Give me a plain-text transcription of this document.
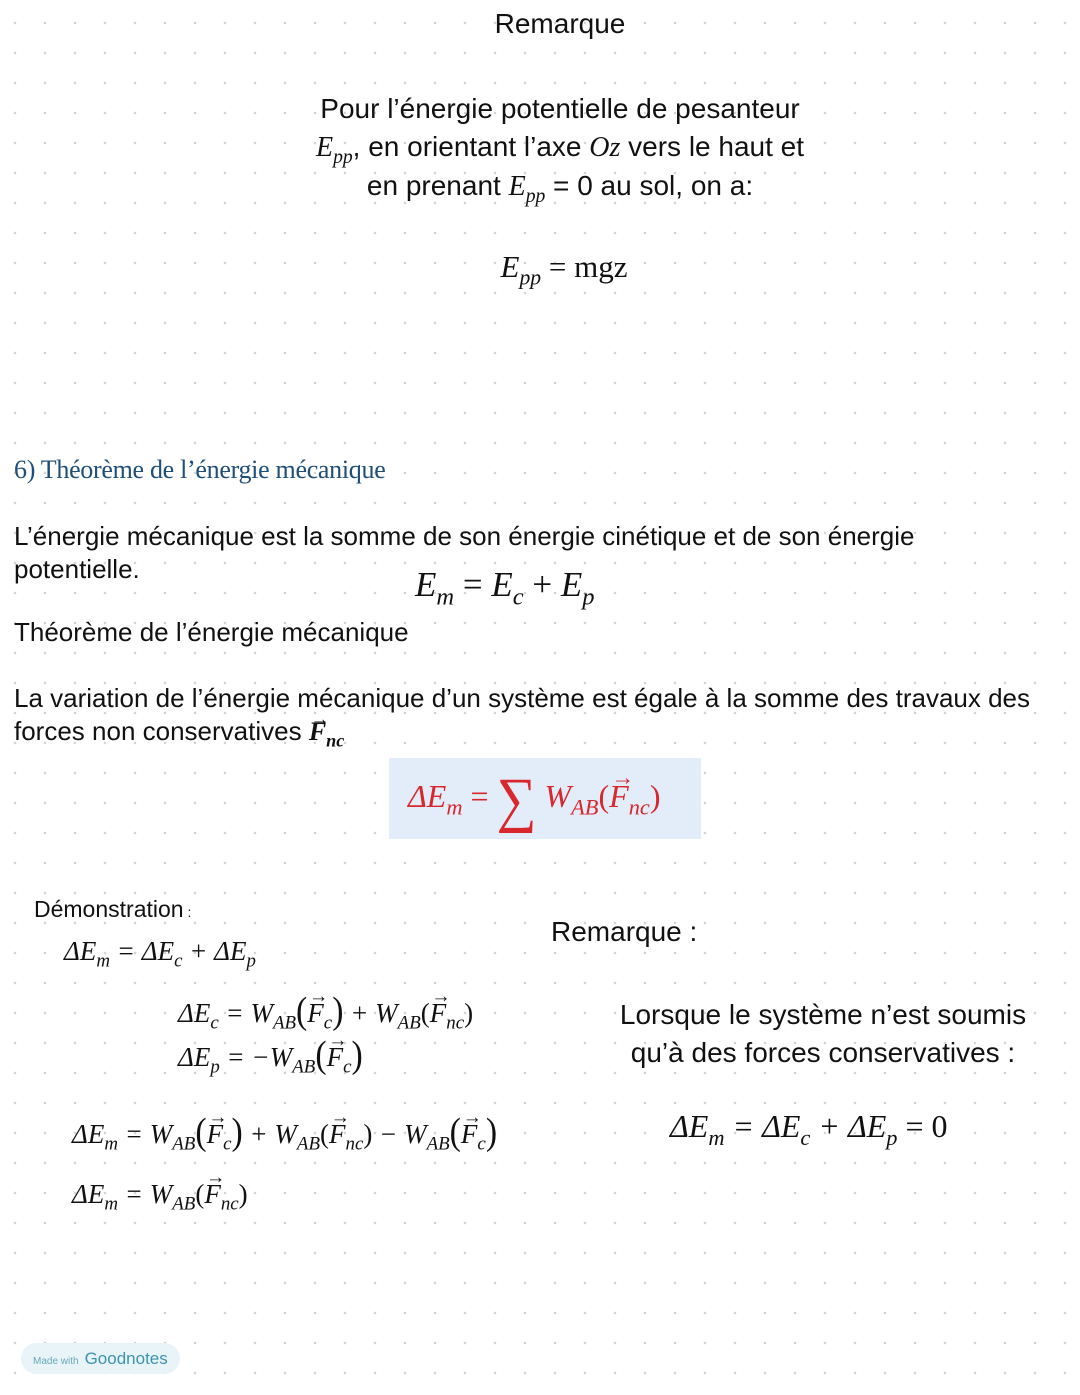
Remarque
Pour l’énergie potentielle de pesanteur
$E_{pp}$, en orientant l’axe Oz vers le haut et
en prenant $E_{pp} = 0$ au sol, on a:
$E_{pp}$ = mgz
6) Théorème de l’énergie mécanique
L’énergie mécanique est la somme de son énergie cinétique et de son énergie potentielle.	$E_m = E_c + E_p$
Théorème de l’énergie mécanique
La variation de l’énergie mécanique d’un système est égale à la somme des travaux des forces non conservatives → $F_{nc}$
$\Delta E_m$ = ∑ $W_{AB}(\to F_{nc})$
Démonstration :
$\Delta E_m = \Delta E_c + \Delta E_p$
$\Delta E_c = W_{AB}(\to F_c) + W_{AB}(\to F_{nc})$
$\Delta E_p = -W_{AB}(\to F_c)$
$\Delta E_m = W_{AB}(\to F_c) + W_{AB}(\to F_{nc}) - W_{AB}(\to F_c)$
$\Delta E_m = W_{AB}(\to F_{nc})$
Remarque :
Lorsque le système n’est soumis qu’à des forces conservatives :
$\Delta E_m = \Delta E_c + \Delta E_p = 0$
Made with Goodnotes
